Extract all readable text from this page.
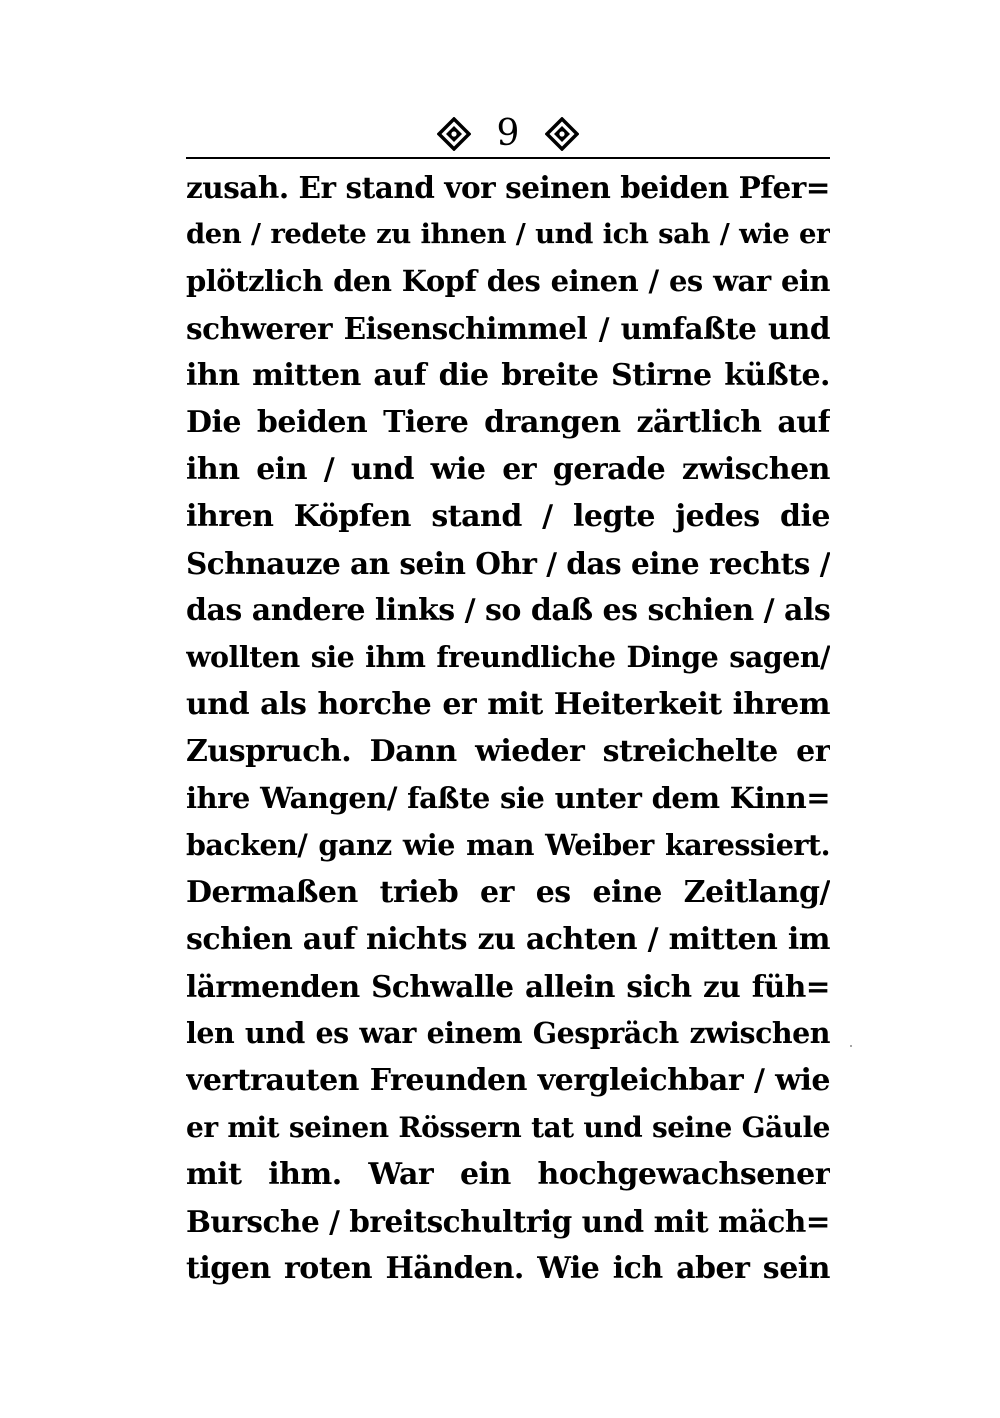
9
zusah. Er stand vor seinen beiden Pfer=
den / redete zu ihnen / und ich sah / wie er
plötzlich den Kopf des einen / es war ein
schwerer Eisenschimmel / umfaßte und
ihn mitten auf die breite Stirne küßte.
Die beiden Tiere drangen zärtlich auf
ihn ein / und wie er gerade zwischen
ihren Köpfen stand / legte jedes die
Schnauze an sein Ohr / das eine rechts /
das andere links / so daß es schien / als
wollten sie ihm freundliche Dinge sagen/
und als horche er mit Heiterkeit ihrem
Zuspruch. Dann wieder streichelte er
ihre Wangen/ faßte sie unter dem Kinn=
backen/ ganz wie man Weiber karessiert.
Dermaßen trieb er es eine Zeitlang/
schien auf nichts zu achten / mitten im
lärmenden Schwalle allein sich zu füh=
len und es war einem Gespräch zwischen
vertrauten Freunden vergleichbar / wie
er mit seinen Rössern tat und seine Gäule
mit ihm. War ein hochgewachsener
Bursche / breitschultrig und mit mäch=
tigen roten Händen. Wie ich aber sein
